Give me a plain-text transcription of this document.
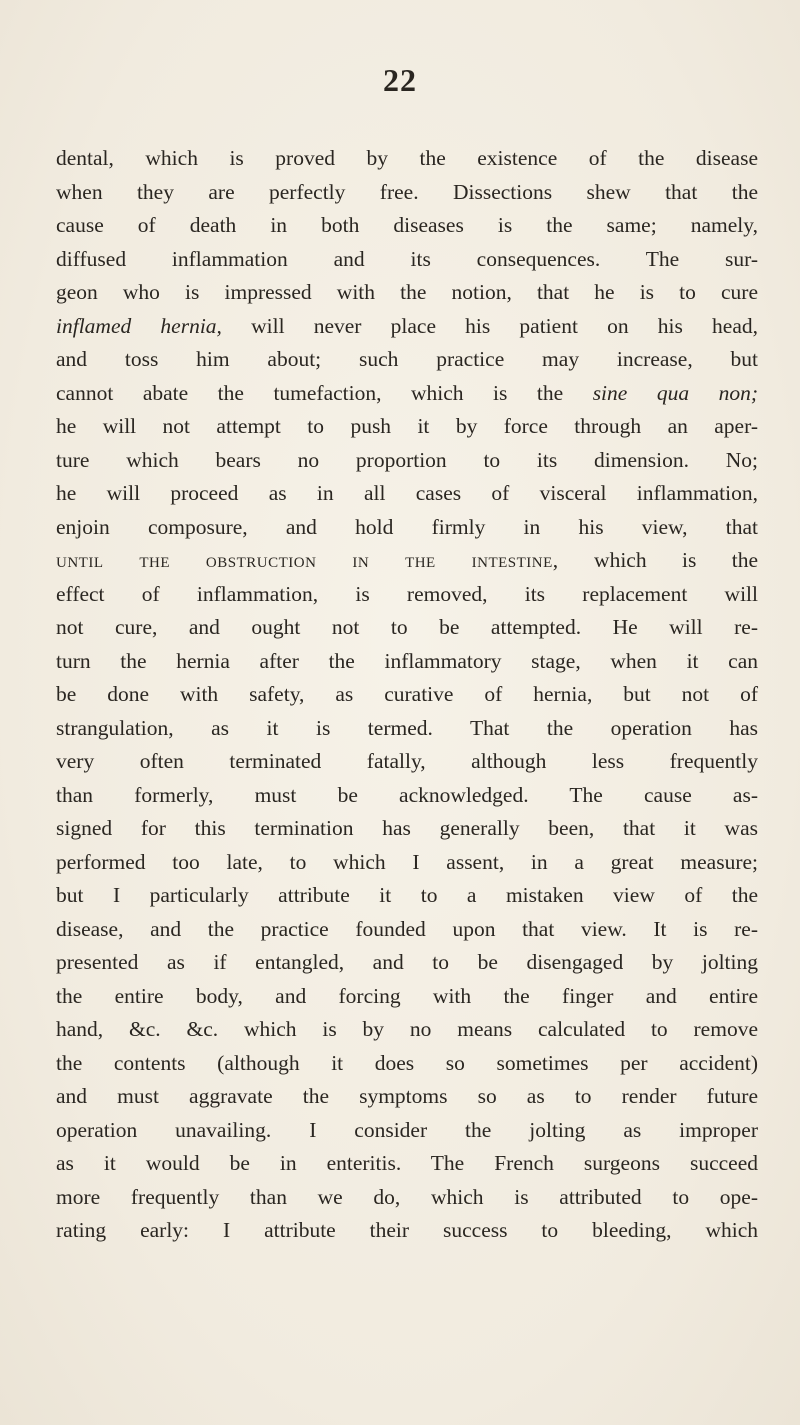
22
dental, which is proved by the existence of the disease
when they are perfectly free. Dissections shew that the
cause of death in both diseases is the same; namely,
diffused inflammation and its consequences. The sur-
geon who is impressed with the notion, that he is to cure
inflamed hernia, will never place his patient on his head,
and toss him about; such practice may increase, but
cannot abate the tumefaction, which is the sine qua non;
he will not attempt to push it by force through an aper-
ture which bears no proportion to its dimension. No;
he will proceed as in all cases of visceral inflammation,
enjoin composure, and hold firmly in his view, that
until the obstruction in the intestine, which is the
effect of inflammation, is removed, its replacement will
not cure, and ought not to be attempted. He will re-
turn the hernia after the inflammatory stage, when it can
be done with safety, as curative of hernia, but not of
strangulation, as it is termed. That the operation has
very often terminated fatally, although less frequently
than formerly, must be acknowledged. The cause as-
signed for this termination has generally been, that it was
performed too late, to which I assent, in a great measure;
but I particularly attribute it to a mistaken view of the
disease, and the practice founded upon that view. It is re-
presented as if entangled, and to be disengaged by jolting
the entire body, and forcing with the finger and entire
hand, &c. &c. which is by no means calculated to remove
the contents (although it does so sometimes per accident)
and must aggravate the symptoms so as to render future
operation unavailing. I consider the jolting as improper
as it would be in enteritis. The French surgeons succeed
more frequently than we do, which is attributed to ope-
rating early: I attribute their success to bleeding, which
